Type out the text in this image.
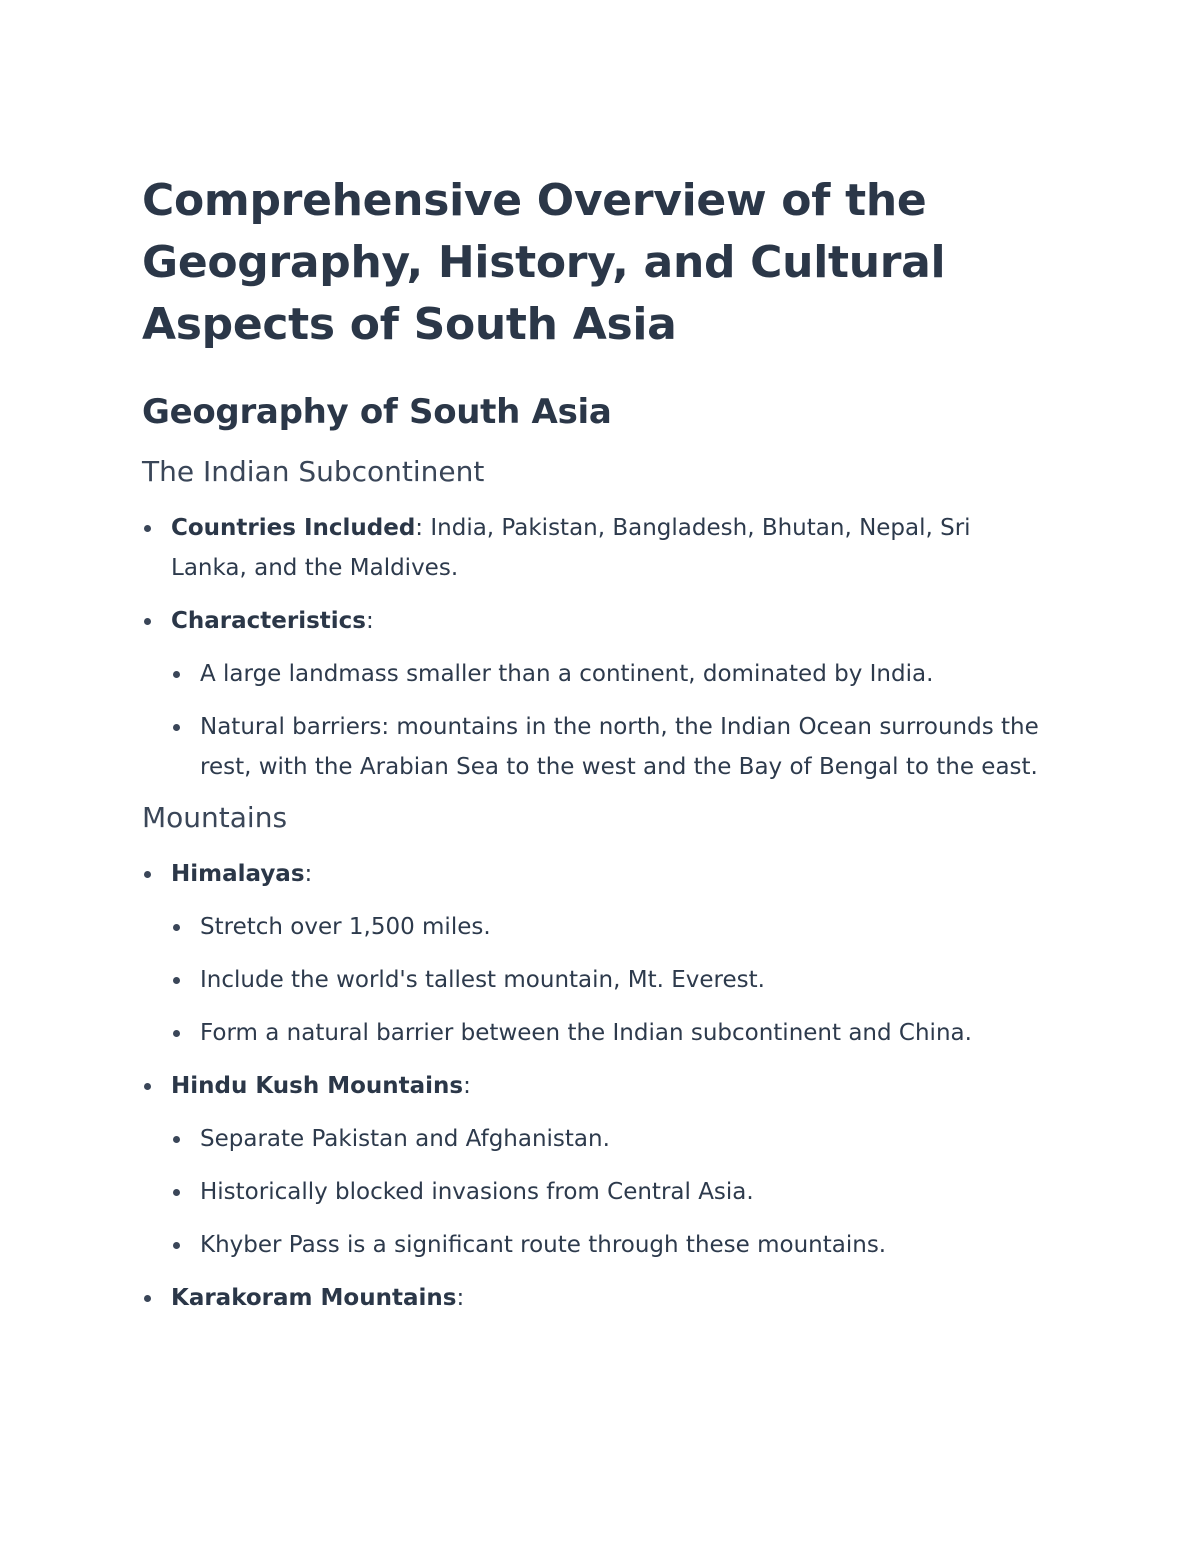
Comprehensive Overview of the Geography, History, and Cultural Aspects of South Asia
Geography of South Asia
The Indian Subcontinent
Countries Included: India, Pakistan, Bangladesh, Bhutan, Nepal, Sri Lanka, and the Maldives.
Characteristics:
A large landmass smaller than a continent, dominated by India.
Natural barriers: mountains in the north, the Indian Ocean surrounds the rest, with the Arabian Sea to the west and the Bay of Bengal to the east.
Mountains
Himalayas:
Stretch over 1,500 miles.
Include the world's tallest mountain, Mt. Everest.
Form a natural barrier between the Indian subcontinent and China.
Hindu Kush Mountains:
Separate Pakistan and Afghanistan.
Historically blocked invasions from Central Asia.
Khyber Pass is a significant route through these mountains.
Karakoram Mountains:
